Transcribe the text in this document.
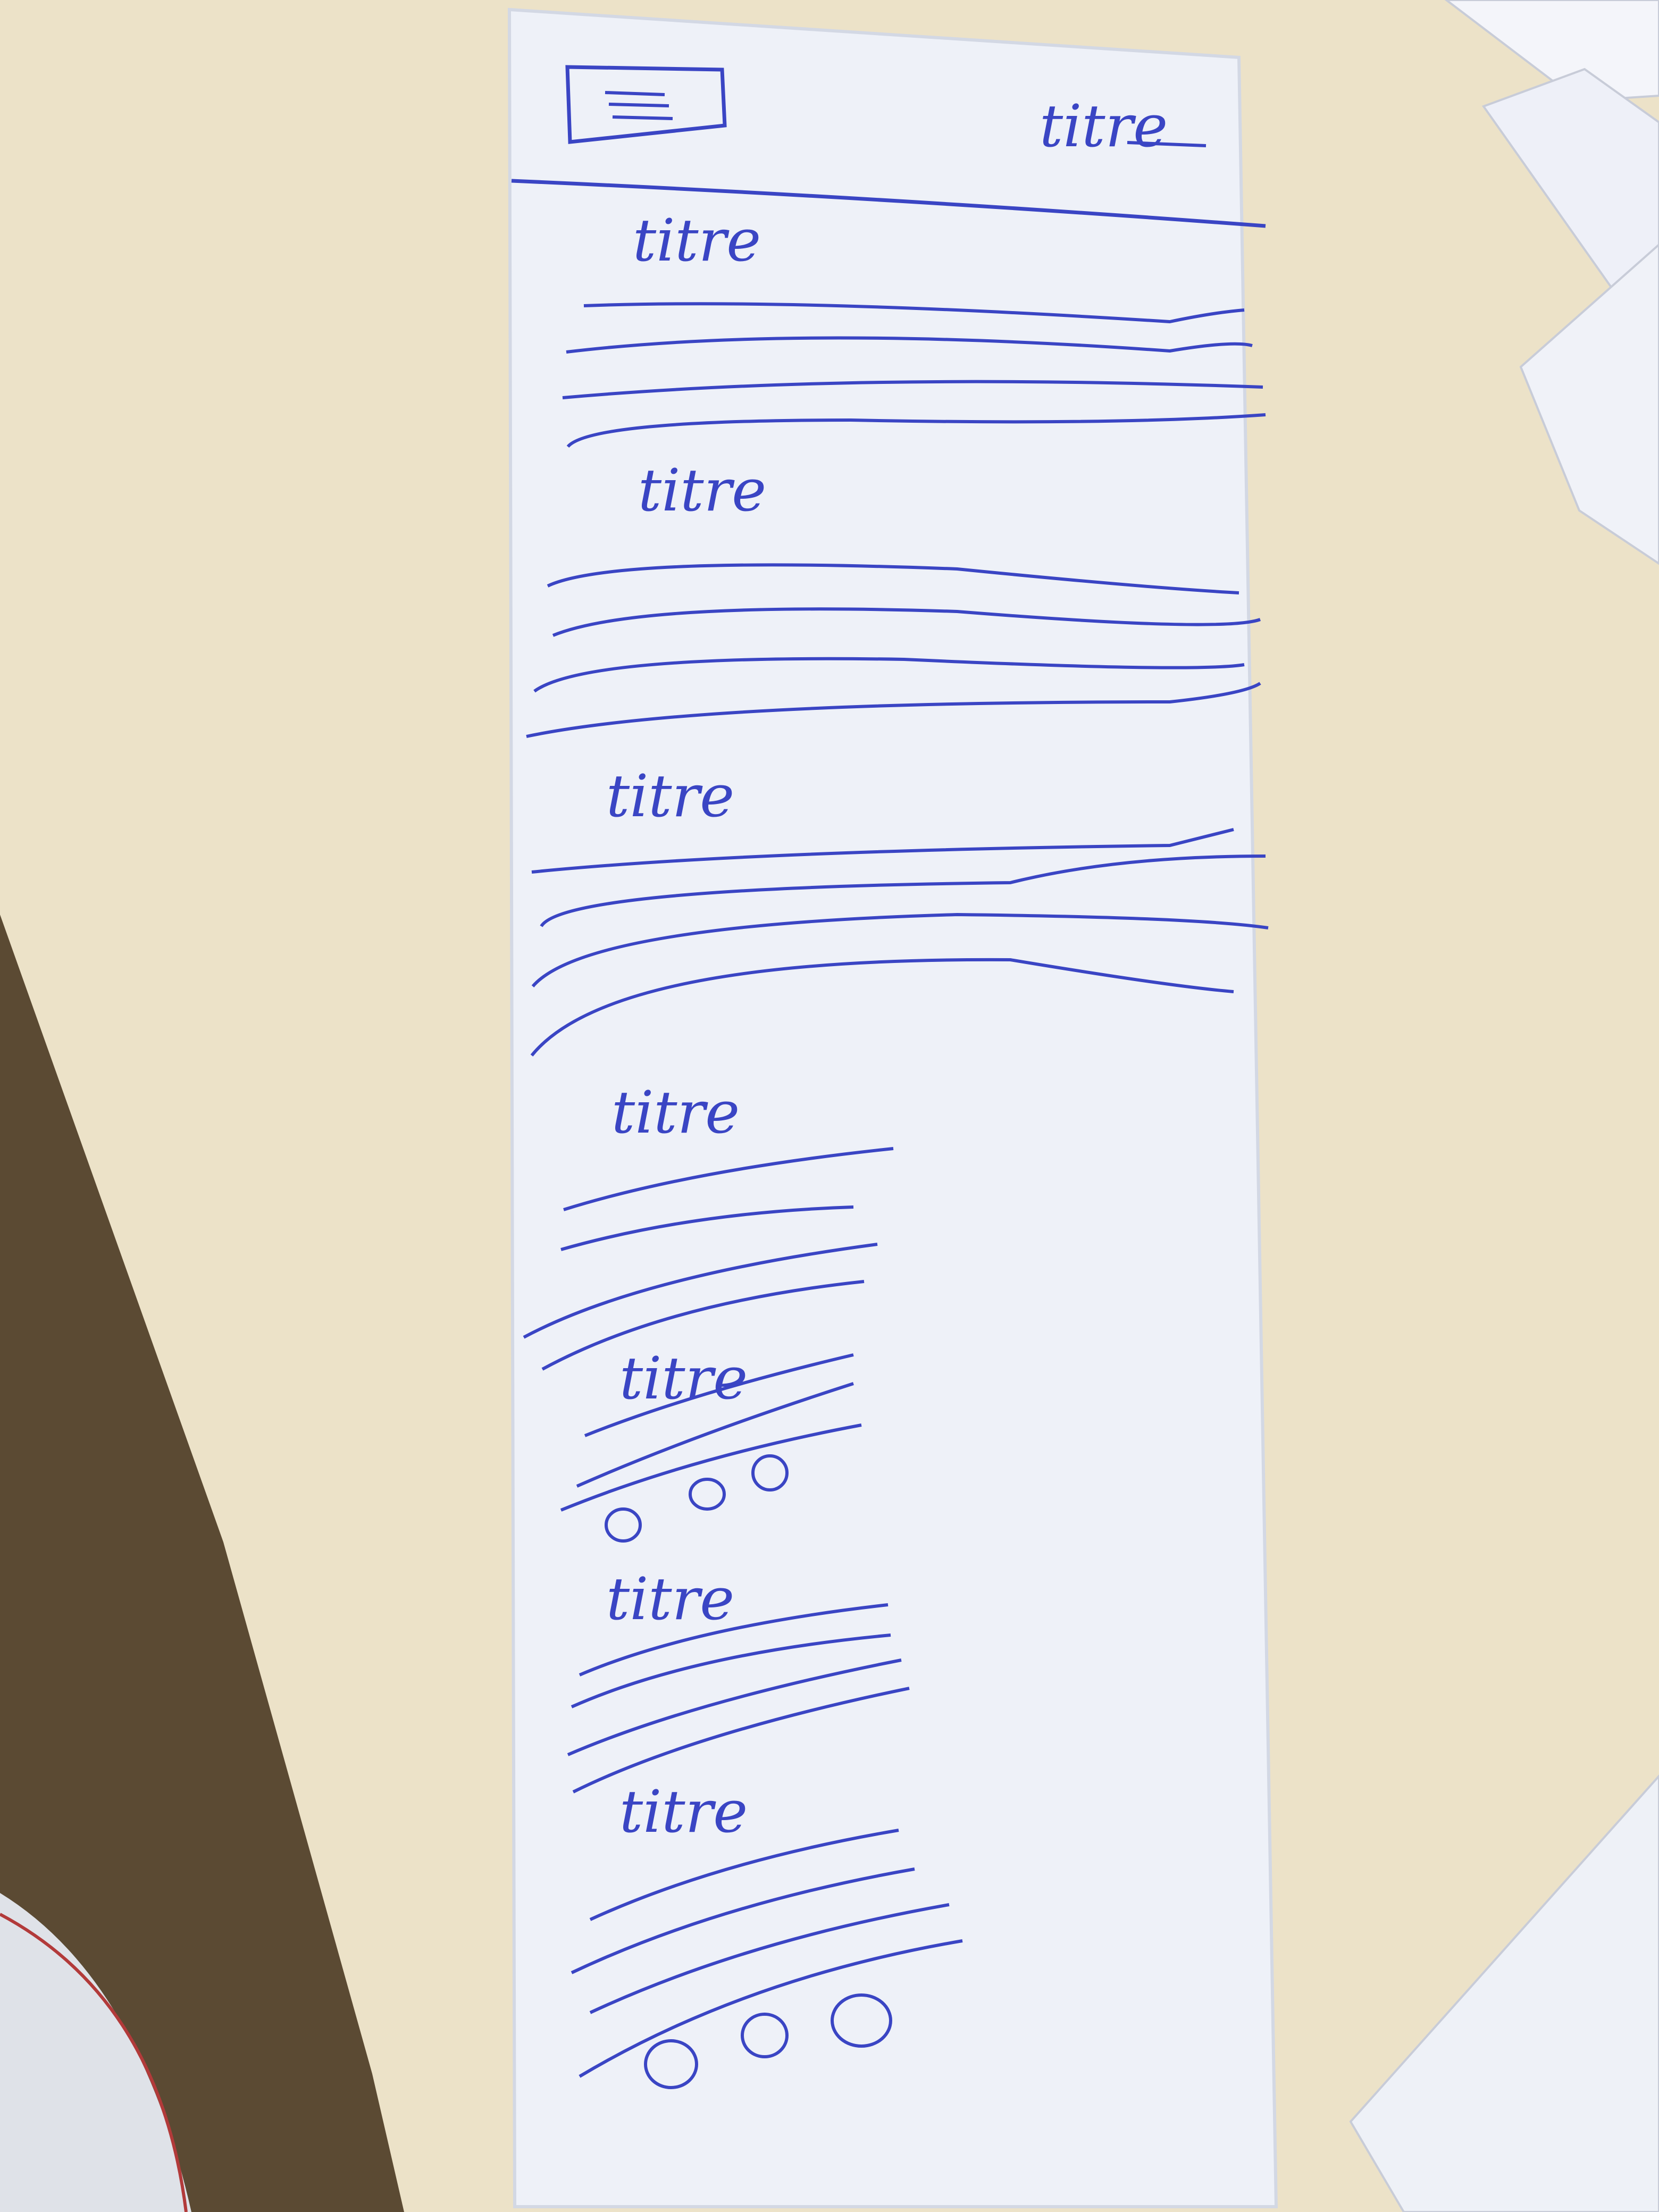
titre
titre
titre
titre
titre
titre
titre
titre
